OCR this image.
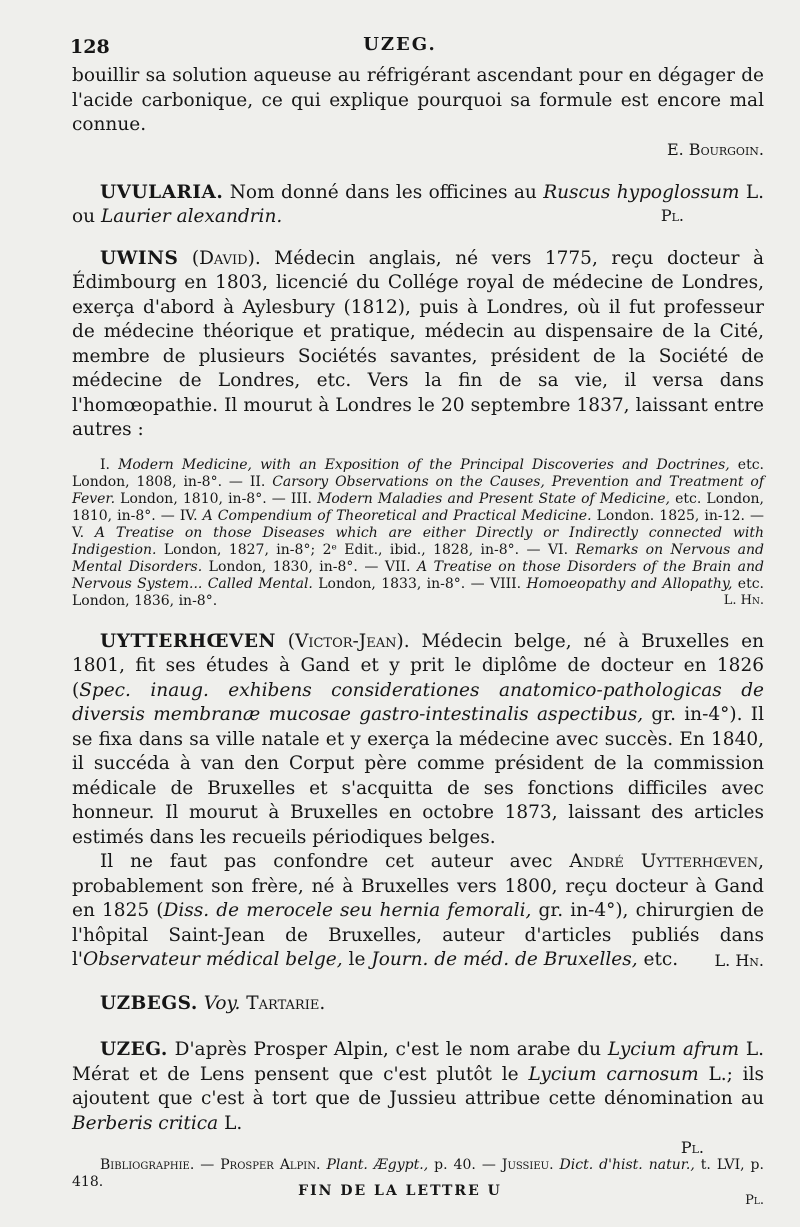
128	UZEG.

bouillir sa solution aqueuse au réfrigérant ascendant pour en dégager de l'acide carbonique, ce qui explique pourquoi sa formule est encore mal connue.

E. Bourgoin.

UVULARIA. Nom donné dans les officines au Ruscus hypoglossum L. ou Laurier alexandrin.	Pl.

UWINS (David). Médecin anglais, né vers 1775, reçu docteur à Édimbourg en 1803, licencié du Collége royal de médecine de Londres, exerça d'abord à Aylesbury (1812), puis à Londres, où il fut professeur de médecine théorique et pratique, médecin au dispensaire de la Cité, membre de plusieurs Sociétés savantes, président de la Société de médecine de Londres, etc. Vers la fin de sa vie, il versa dans l'homœopathie. Il mourut à Londres le 20 septembre 1837, laissant entre autres :

I. Modern Medicine, with an Exposition of the Principal Discoveries and Doctrines, etc. London, 1808, in-8°. — II. Carsory Observations on the Causes, Prevention and Treatment of Fever. London, 1810, in-8°. — III. Modern Maladies and Present State of Medicine, etc. London, 1810, in-8°. — IV. A Compendium of Theoretical and Practical Medicine. London. 1825, in-12. — V. A Treatise on those Diseases which are either Directly or Indirectly connected with Indigestion. London, 1827, in-8°; 2ᵉ Edit., ibid., 1828, in-8°. — VI. Remarks on Nervous and Mental Disorders. London, 1830, in-8°. — VII. A Treatise on those Disorders of the Brain and Nervous System... Called Mental. London, 1833, in-8°. — VIII. Homoeopathy and Allopathy, etc. London, 1836, in-8°.	L. Hn.

UYTTERHŒVEN (Victor-Jean). Médecin belge, né à Bruxelles en 1801, fit ses études à Gand et y prit le diplôme de docteur en 1826 (Spec. inaug. exhibens considerationes anatomico-pathologicas de diversis membranæ mucosae gastro-intestinalis aspectibus, gr. in-4°). Il se fixa dans sa ville natale et y exerça la médecine avec succès. En 1840, il succéda à van den Corput père comme président de la commission médicale de Bruxelles et s'acquitta de ses fonctions difficiles avec honneur. Il mourut à Bruxelles en octobre 1873, laissant des articles estimés dans les recueils périodiques belges.

Il ne faut pas confondre cet auteur avec André Uytterhœven, probablement son frère, né à Bruxelles vers 1800, reçu docteur à Gand en 1825 (Diss. de merocele seu hernia femorali, gr. in-4°), chirurgien de l'hôpital Saint-Jean de Bruxelles, auteur d'articles publiés dans l'Observateur médical belge, le Journ. de méd. de Bruxelles, etc.	L. Hn.

UZBEGS. Voy. Tartarie.

UZEG. D'après Prosper Alpin, c'est le nom arabe du Lycium afrum L. Mérat et de Lens pensent que c'est plutôt le Lycium carnosum L.; ils ajoutent que c'est à tort que de Jussieu attribue cette dénomination au Berberis critica L.

Pl.

Bibliographie. — Prosper Alpin. Plant. Ægypt., p. 40. — Jussieu. Dict. d'hist. natur., t. LVI, p. 418.

Pl.
FIN DE LA LETTRE U
